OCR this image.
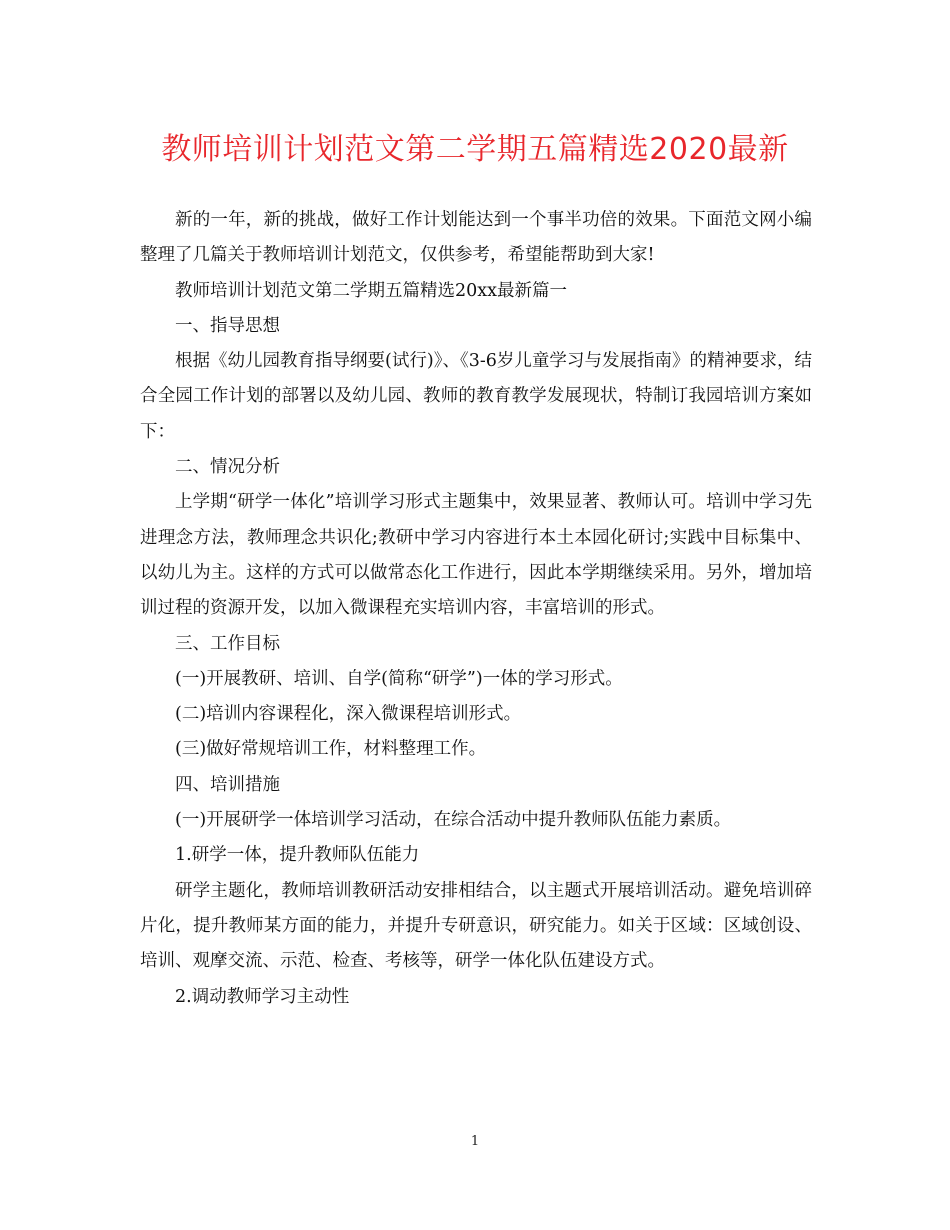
教师培训计划范文第二学期五篇精选2020最新

新的一年，新的挑战，做好工作计划能达到一个事半功倍的效果。下面范文网小编整理了几篇关于教师培训计划范文，仅供参考，希望能帮助到大家!

教师培训计划范文第二学期五篇精选20xx最新篇一

一、指导思想

根据《幼儿园教育指导纲要(试行)》、《3-6岁儿童学习与发展指南》的精神要求，结合全园工作计划的部署以及幼儿园、教师的教育教学发展现状，特制订我园培训方案如下：

二、情况分析

上学期“研学一体化”培训学习形式主题集中，效果显著、教师认可。培训中学习先进理念方法，教师理念共识化;教研中学习内容进行本土本园化研讨;实践中目标集中、以幼儿为主。这样的方式可以做常态化工作进行，因此本学期继续采用。另外，增加培训过程的资源开发，以加入微课程充实培训内容，丰富培训的形式。

三、工作目标

(一)开展教研、培训、自学(简称“研学”)一体的学习形式。

(二)培训内容课程化，深入微课程培训形式。

(三)做好常规培训工作，材料整理工作。

四、培训措施

(一)开展研学一体培训学习活动，在综合活动中提升教师队伍能力素质。

1.研学一体，提升教师队伍能力

研学主题化，教师培训教研活动安排相结合，以主题式开展培训活动。避免培训碎片化，提升教师某方面的能力，并提升专研意识，研究能力。如关于区域：区域创设、培训、观摩交流、示范、检查、考核等，研学一体化队伍建设方式。

2.调动教师学习主动性

1
